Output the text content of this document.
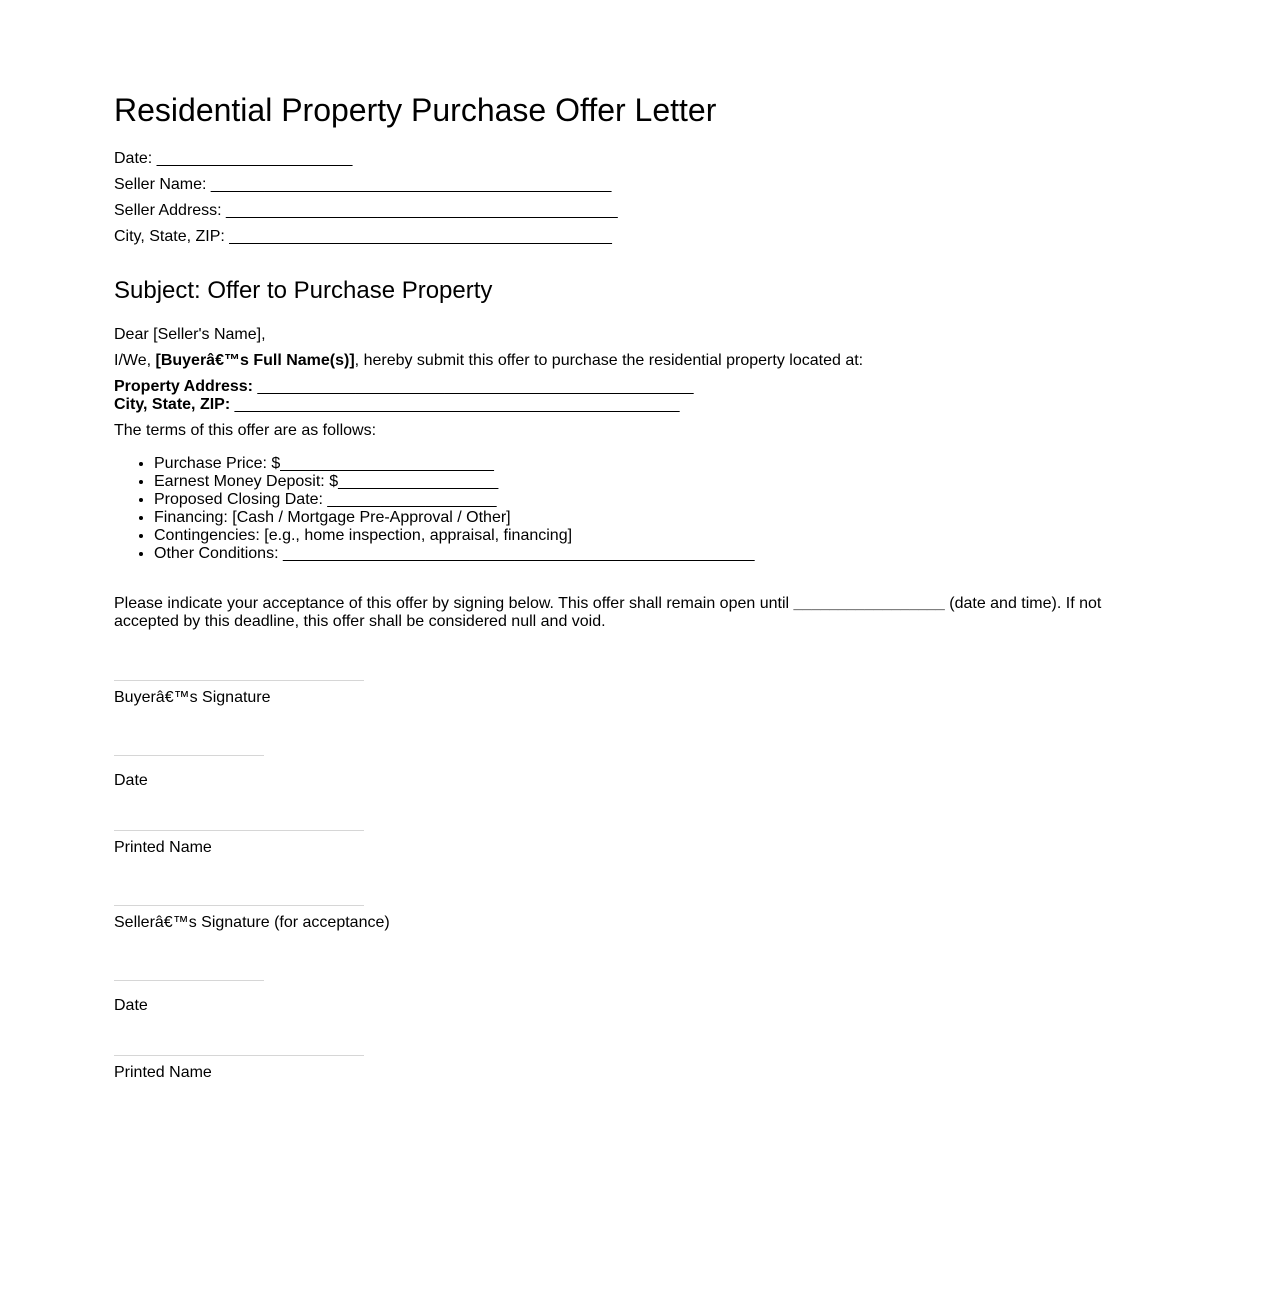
Residential Property Purchase Offer Letter
Date: ______________________
Seller Name: _____________________________________________
Seller Address: ____________________________________________
City, State, ZIP: ___________________________________________
Subject: Offer to Purchase Property
Dear [Seller's Name],
I/We, [Buyerâ€™s Full Name(s)], hereby submit this offer to purchase the residential property located at:
Property Address: _________________________________________________
City, State, ZIP: __________________________________________________
The terms of this offer are as follows:
• Purchase Price: $________________________
• Earnest Money Deposit: $__________________
• Proposed Closing Date: ___________________
• Financing: [Cash / Mortgage Pre-Approval / Other]
• Contingencies: [e.g., home inspection, appraisal, financing]
• Other Conditions: _____________________________________________________
Please indicate your acceptance of this offer by signing below. This offer shall remain open until _________________ (date and time). If not accepted by this deadline, this offer shall be considered null and void.
Buyerâ€™s Signature
Date
Printed Name
Sellerâ€™s Signature (for acceptance)
Date
Printed Name
